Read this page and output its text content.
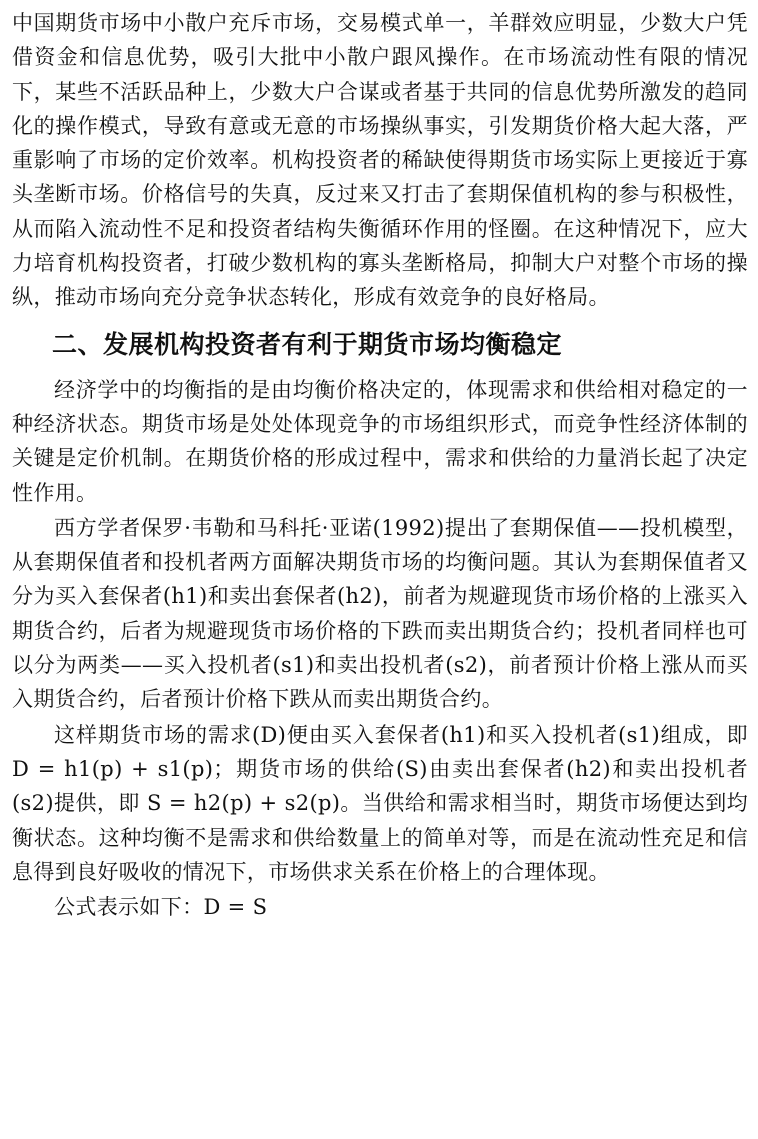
中国期货市场中小散户充斥市场，交易模式单一，羊群效应明显，少数大户凭借资金和信息优势，吸引大批中小散户跟风操作。在市场流动性有限的情况下，某些不活跃品种上，少数大户合谋或者基于共同的信息优势所激发的趋同化的操作模式，导致有意或无意的市场操纵事实，引发期货价格大起大落，严重影响了市场的定价效率。机构投资者的稀缺使得期货市场实际上更接近于寡头垄断市场。价格信号的失真，反过来又打击了套期保值机构的参与积极性，从而陷入流动性不足和投资者结构失衡循环作用的怪圈。在这种情况下，应大力培育机构投资者，打破少数机构的寡头垄断格局，抑制大户对整个市场的操纵，推动市场向充分竞争状态转化，形成有效竞争的良好格局。

二、发展机构投资者有利于期货市场均衡稳定

经济学中的均衡指的是由均衡价格决定的，体现需求和供给相对稳定的一种经济状态。期货市场是处处体现竞争的市场组织形式，而竞争性经济体制的关键是定价机制。在期货价格的形成过程中，需求和供给的力量消长起了决定性作用。

西方学者保罗·韦勒和马科托·亚诺(1992)提出了套期保值——投机模型，从套期保值者和投机者两方面解决期货市场的均衡问题。其认为套期保值者又分为买入套保者(h1)和卖出套保者(h2)，前者为规避现货市场价格的上涨买入期货合约，后者为规避现货市场价格的下跌而卖出期货合约；投机者同样也可以分为两类——买入投机者(s1)和卖出投机者(s2)，前者预计价格上涨从而买入期货合约，后者预计价格下跌从而卖出期货合约。

这样期货市场的需求(D)便由买入套保者(h1)和买入投机者(s1)组成，即 D = h1(p) + s1(p)；期货市场的供给(S)由卖出套保者(h2)和卖出投机者(s2)提供，即 S = h2(p) + s2(p)。当供给和需求相当时，期货市场便达到均衡状态。这种均衡不是需求和供给数量上的简单对等，而是在流动性充足和信息得到良好吸收的情况下，市场供求关系在价格上的合理体现。

公式表示如下：D = S
